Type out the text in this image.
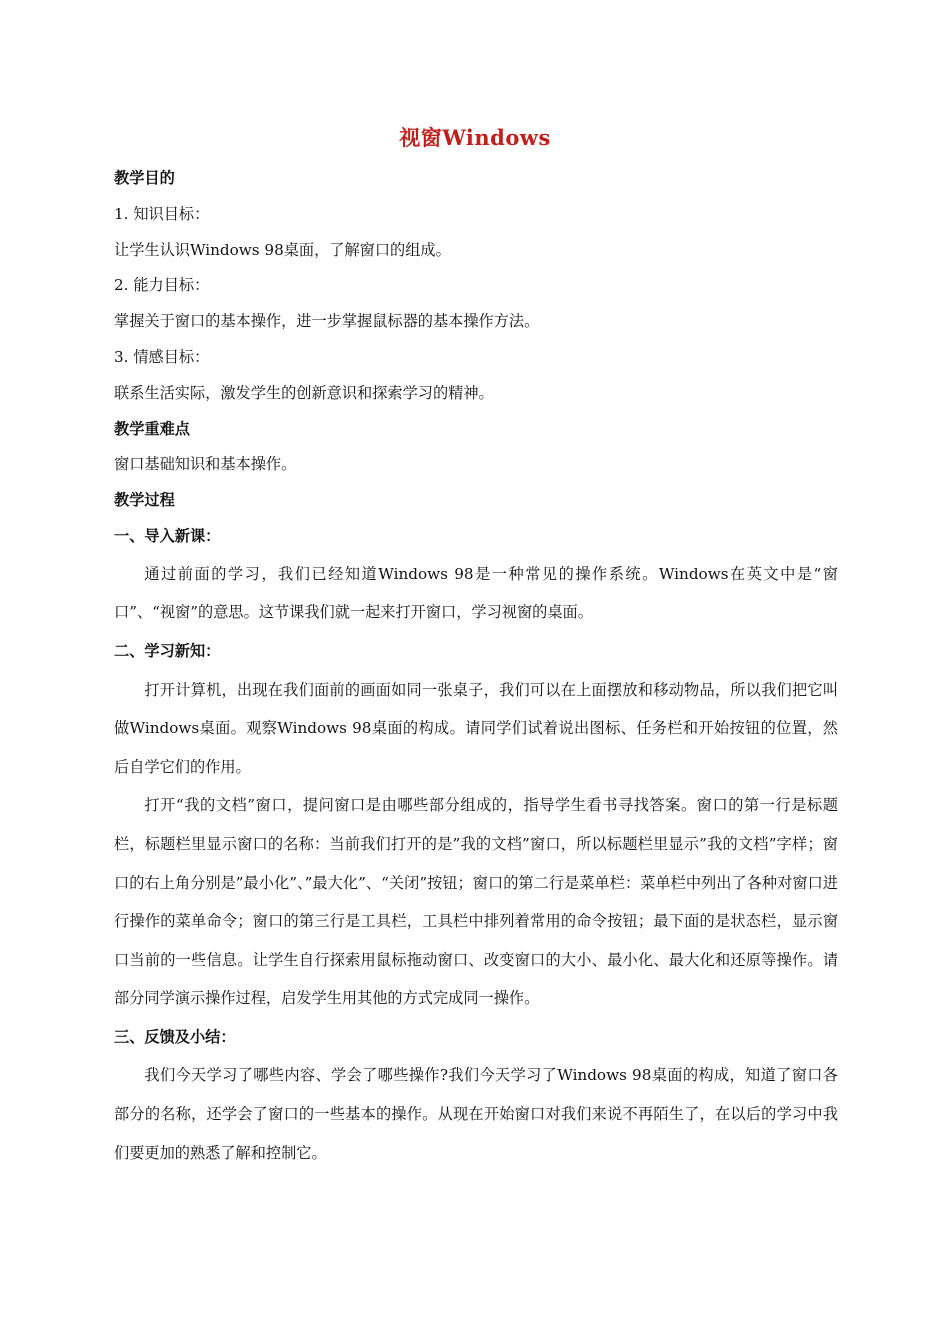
视窗Windows

教学目的

1. 知识目标：

让学生认识Windows 98桌面，了解窗口的组成。

2. 能力目标：

掌握关于窗口的基本操作，进一步掌握鼠标器的基本操作方法。

3. 情感目标：

联系生活实际，激发学生的创新意识和探索学习的精神。

教学重难点

窗口基础知识和基本操作。

教学过程

一、导入新课：

通过前面的学习，我们已经知道Windows 98是一种常见的操作系统。Windows在英文中是“窗口”、“视窗”的意思。这节课我们就一起来打开窗口，学习视窗的桌面。

二、学习新知：

打开计算机，出现在我们面前的画面如同一张桌子，我们可以在上面摆放和移动物品，所以我们把它叫做Windows桌面。观察Windows 98桌面的构成。请同学们试着说出图标、任务栏和开始按钮的位置，然后自学它们的作用。

打开“我的文档”窗口，提问窗口是由哪些部分组成的，指导学生看书寻找答案。窗口的第一行是标题栏，标题栏里显示窗口的名称：当前我们打开的是”我的文档”窗口，所以标题栏里显示”我的文档”字样；窗口的右上角分别是”最小化”、”最大化”、“关闭”按钮；窗口的第二行是菜单栏：菜单栏中列出了各种对窗口进行操作的菜单命令；窗口的第三行是工具栏，工具栏中排列着常用的命令按钮；最下面的是状态栏，显示窗口当前的一些信息。让学生自行探索用鼠标拖动窗口、改变窗口的大小、最小化、最大化和还原等操作。请部分同学演示操作过程，启发学生用其他的方式完成同一操作。

三、反馈及小结：

我们今天学习了哪些内容、学会了哪些操作?我们今天学习了Windows 98桌面的构成，知道了窗口各部分的名称，还学会了窗口的一些基本的操作。从现在开始窗口对我们来说不再陌生了，在以后的学习中我们要更加的熟悉了解和控制它。
